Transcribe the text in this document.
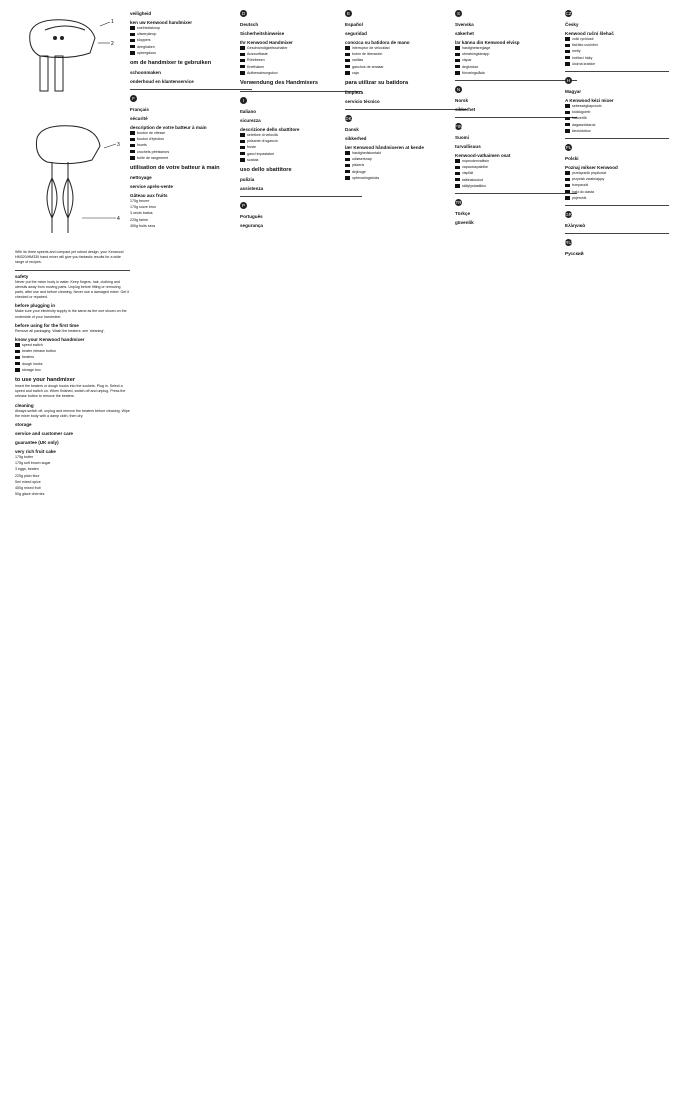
1
2
3
4

With its three speeds and compact yet robust design, your Kenwood HM320/HM330 hand mixer will give you fantastic results for a wide range of recipes.

safety

Never put the mixer body in water. Keep fingers, hair, clothing and utensils away from moving parts. Unplug before fitting or removing parts, after use and before cleaning. Never use a damaged mixer. Get it checked or repaired.

before plugging in

Make sure your electricity supply is the same as the one shown on the underside of your handmixer.

before using for the first time

Remove all packaging. Wash the beaters: see 'cleaning'.

know your Kenwood handmixer
speed switch
beater release button
beaters
dough hooks
storage box
to use your handmixer

Insert the beaters or dough hooks into the sockets. Plug in. Select a speed and switch on. When finished, switch off and unplug. Press the release button to remove the beaters.

cleaning

Always switch off, unplug and remove the beaters before cleaning. Wipe the mixer body with a damp cloth, then dry.

storage
service and customer care
guarantee (UK only)
very rich fruit cake
175g butter
175g soft brown sugar
3 eggs, beaten
225g plain flour
5ml mixed spice
450g mixed fruit
50g glacé cherries
veiligheid
ken uw Kenwood handmixer
snelheidsknop
uitwerpknop
kloppers
deeghaken
opbergdoos
om de handmixer te gebruiken
schoonmaken
onderhoud en klantenservice
F
Français
sécurité
description de votre batteur à main
bouton de vitesse
bouton d'éjection
fouets
crochets pétrisseurs
boîte de rangement
utilisation de votre batteur à main
nettoyage
service après-vente
Gâteau aux fruits
175g beurre
175g sucre brun
3 oeufs battus
225g farine
450g fruits secs
D
Deutsch
Sicherheitshinweise
Ihr Kenwood Handmixer
Geschwindigkeitsschalter
Auswurftaste
Rührbesen
Knethaken
Aufbewahrungsbox
Verwendung des Handmixers
I
Italiano
sicurezza
descrizione dello sbattitore
selettore di velocità
pulsante di sgancio
fruste
ganci impastatori
scatola
uso dello sbattitore
pulizia
assistenza
P
Português
segurança
E
Español
seguridad
conozca su batidora de mano
interruptor de velocidad
botón de liberación
varillas
ganchos de amasar
caja
para utilizar su batidora
limpieza
servicio técnico
DK
Dansk
sikkerhed
lær Kenwood håndmixeren at kende
hastighedskontakt
udløserknap
piskeris
dejkroge
opbevaringsboks
S
Svenska
säkerhet
lär känna din Kenwood elvisp
hastighetsreglage
utmatningsknapp
vispar
degkrokar
förvaringslåda
N
Norsk
sikkerhet
FIN
Suomi
turvallisuus
Kenwood-vatkaimen osat
nopeudenvalitsin
vapautuspainike
vispilät
taikinakoukut
säilytyslaatikko
TR
Türkçe
güvenlik
CZ
Česky
Kenwood ruční šlehač
volič rychlosti
tlačítko uvolnění
metly
hnětací háky
úložná krabice
H
Magyar
A Kenwood kézi mixer
sebességkapcsoló
kioldógomb
habverők
dagasztókarok
tárolódoboz
PL
Polski
Poznaj mikser Kenwood
przełącznik prędkości
przycisk zwalniający
trzepaczki
haki do ciasta
pojemnik
GR
Ελληνικά
RU
Русский
